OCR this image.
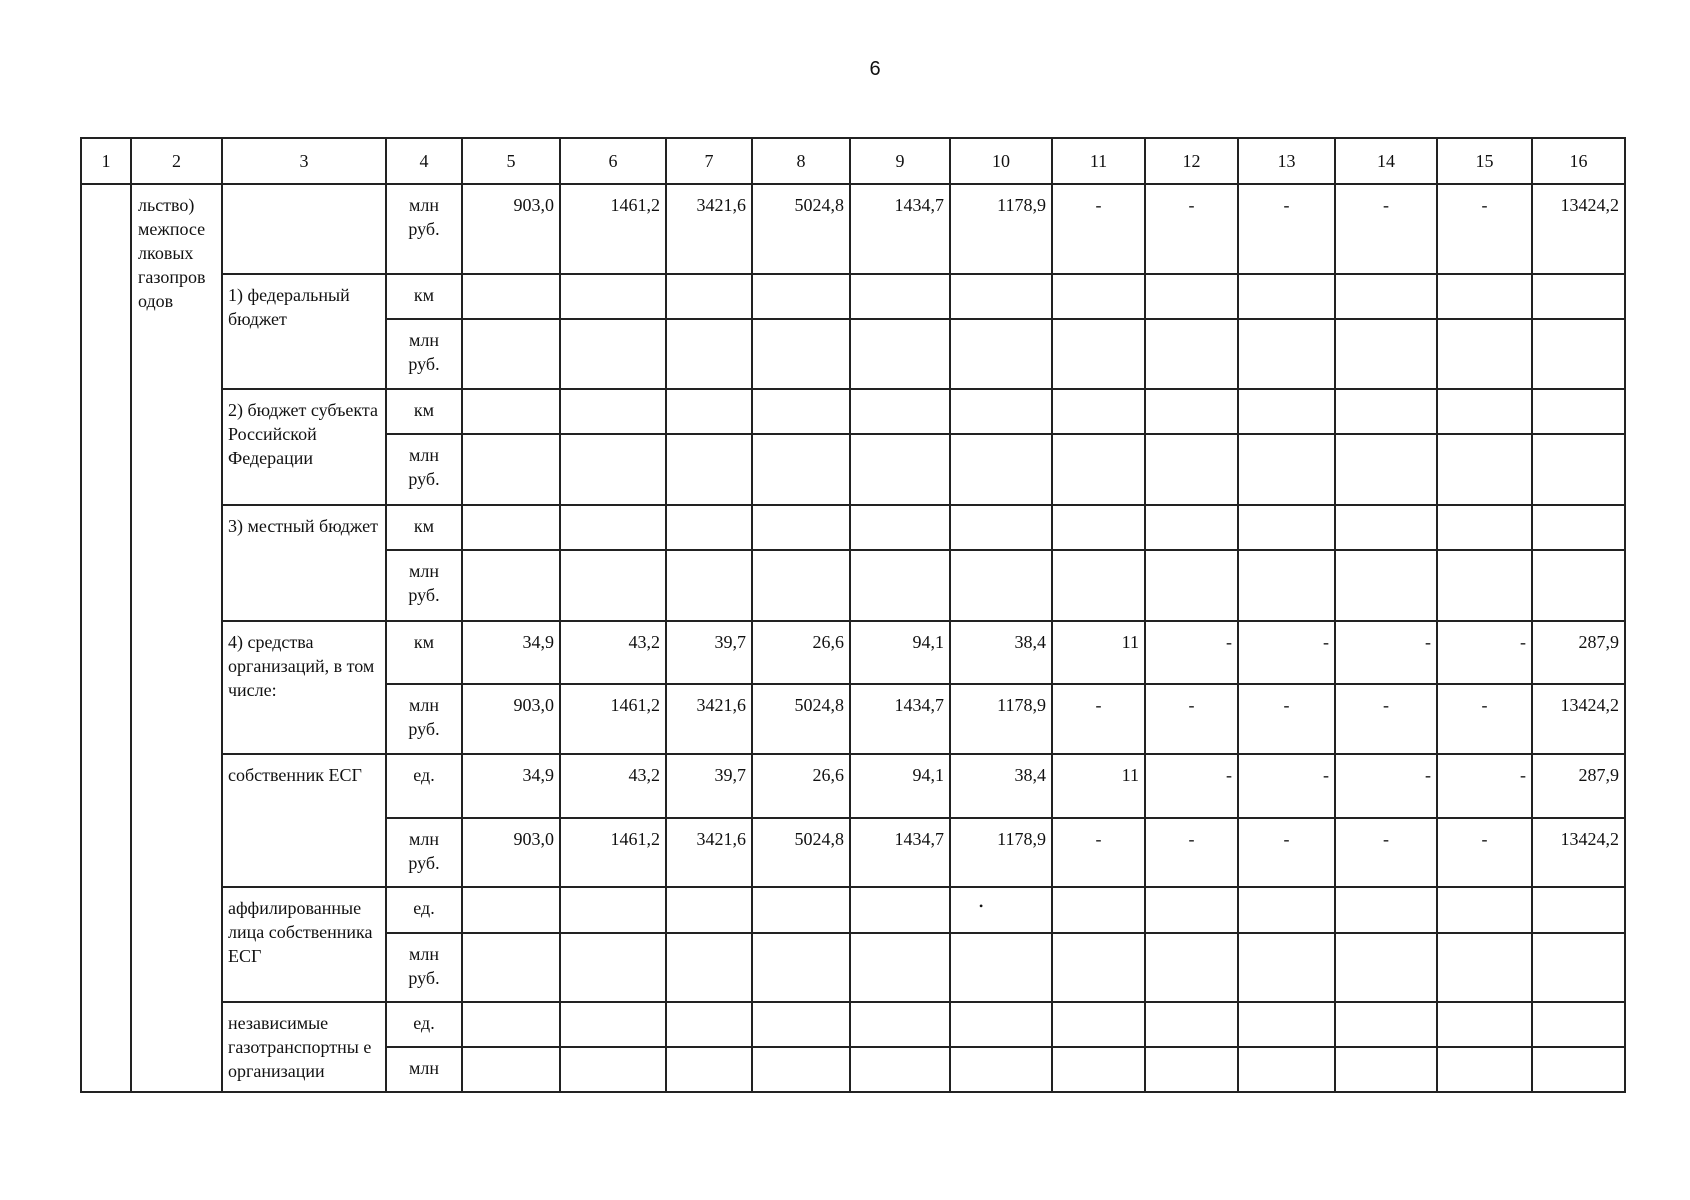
6
1	2	3	4	5	6	7	8	9	10	11	12	13	14	15	16
	льство) межпосе лковых газопров одов		млн руб.	903,0	1461,2	3421,6	5024,8	1434,7	1178,9	-	-	-	-	-	13424,2
		1) федеральный бюджет	км												
			млн руб.												
		2) бюджет субъекта Российской Федерации	км												
			млн руб.												
		3) местный бюджет	км												
			млн руб.												
		4) средства организаций, в том числе:	км	34,9	43,2	39,7	26,6	94,1	38,4	11	-	-	-	-	287,9
			млн руб.	903,0	1461,2	3421,6	5024,8	1434,7	1178,9	-	-	-	-	-	13424,2
		собственник ЕСГ	ед.	34,9	43,2	39,7	26,6	94,1	38,4	11	-	-	-	-	287,9
			млн руб.	903,0	1461,2	3421,6	5024,8	1434,7	1178,9	-	-	-	-	-	13424,2
		аффилированные лица собственника ЕСГ	ед.						•						
			млн руб.												
		независимые газотранспортны е организации	ед.												
			млн												
